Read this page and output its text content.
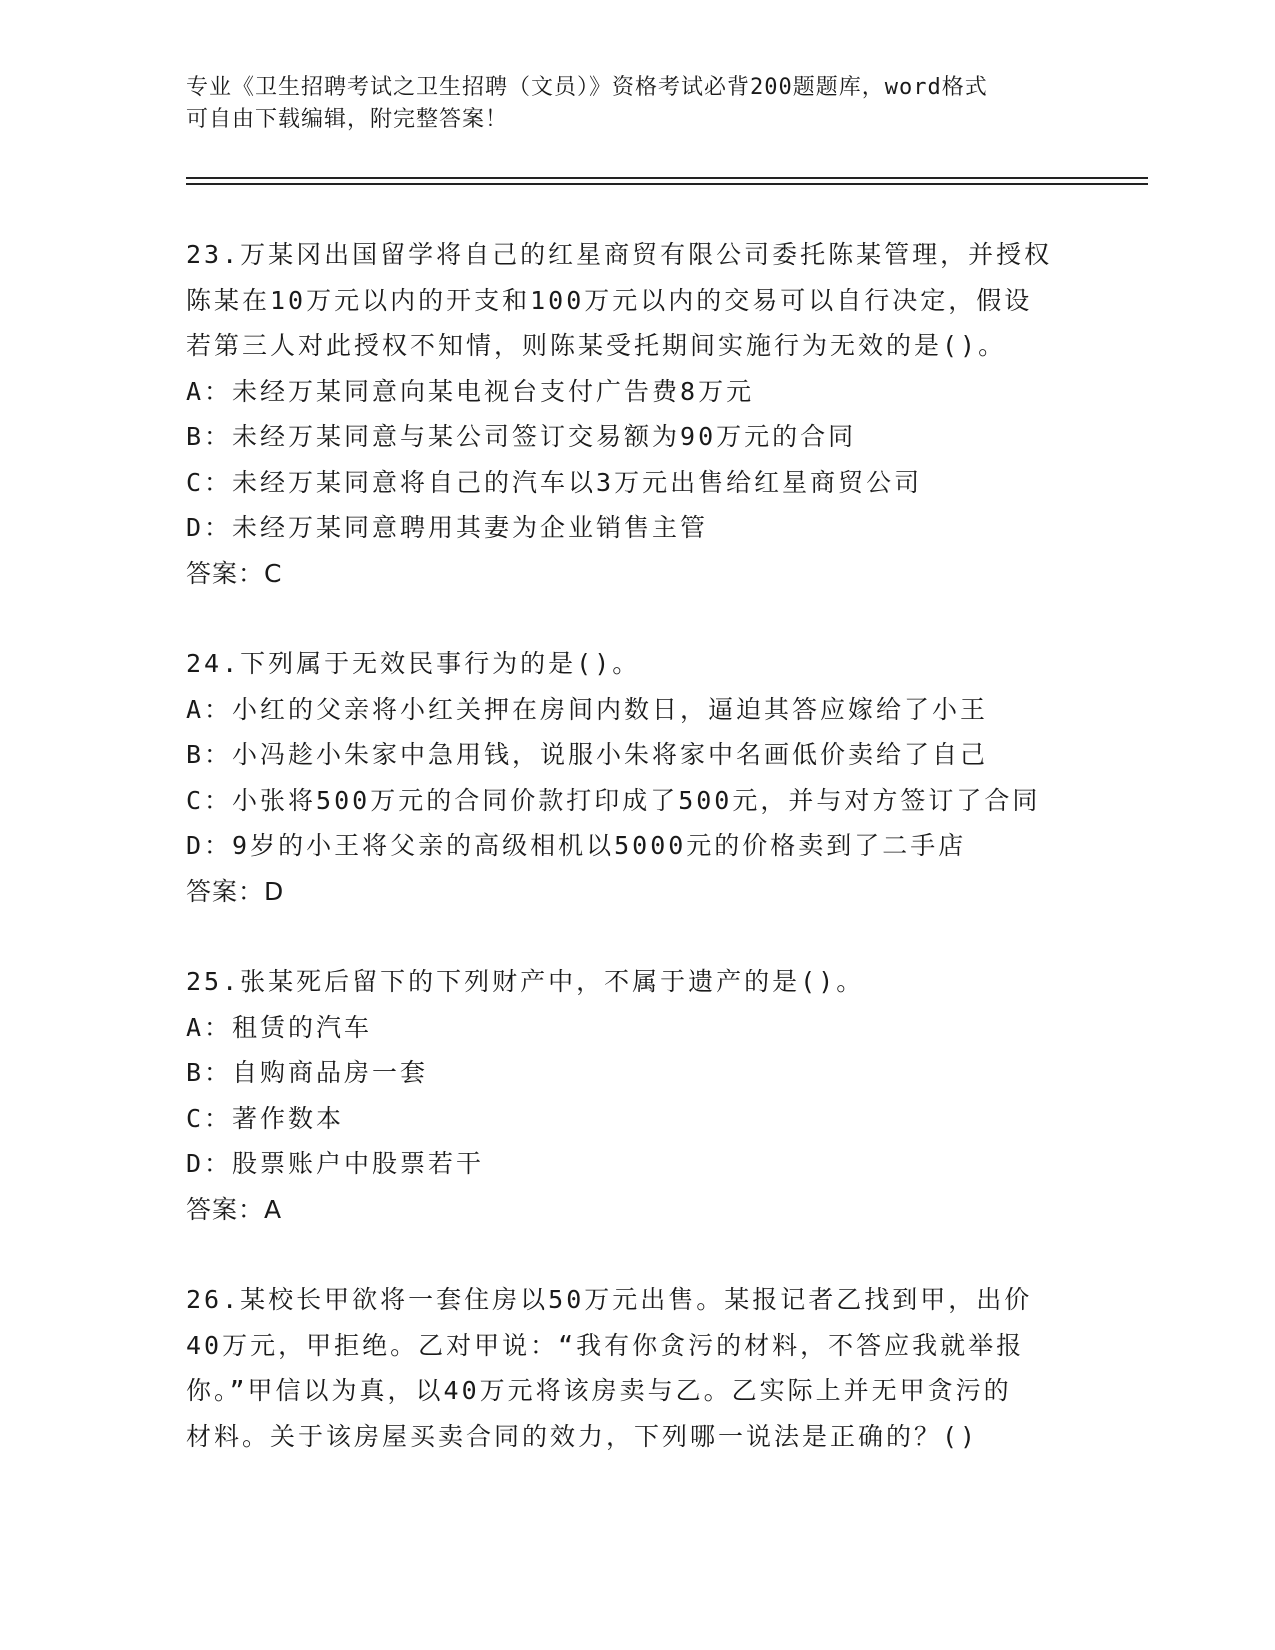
专业《卫生招聘考试之卫生招聘（文员）》资格考试必背200题题库，word格式
可自由下载编辑，附完整答案！
23.万某冈出国留学将自己的红星商贸有限公司委托陈某管理，并授权
陈某在10万元以内的开支和100万元以内的交易可以自行决定，假设
若第三人对此授权不知情，则陈某受托期间实施行为无效的是()。
A：未经万某同意向某电视台支付广告费8万元
B：未经万某同意与某公司签订交易额为90万元的合同
C：未经万某同意将自己的汽车以3万元出售给红星商贸公司
D：未经万某同意聘用其妻为企业销售主管
答案：C
24.下列属于无效民事行为的是()。
A：小红的父亲将小红关押在房间内数日，逼迫其答应嫁给了小王
B：小冯趁小朱家中急用钱，说服小朱将家中名画低价卖给了自己
C：小张将500万元的合同价款打印成了500元，并与对方签订了合同
D：9岁的小王将父亲的高级相机以5000元的价格卖到了二手店
答案：D
25.张某死后留下的下列财产中，不属于遗产的是()。
A：租赁的汽车
B：自购商品房一套
C：著作数本
D：股票账户中股票若干
答案：A
26.某校长甲欲将一套住房以50万元出售。某报记者乙找到甲，出价
40万元，甲拒绝。乙对甲说：“我有你贪污的材料，不答应我就举报
你。”甲信以为真，以40万元将该房卖与乙。乙实际上并无甲贪污的
材料。关于该房屋买卖合同的效力，下列哪一说法是正确的？()
